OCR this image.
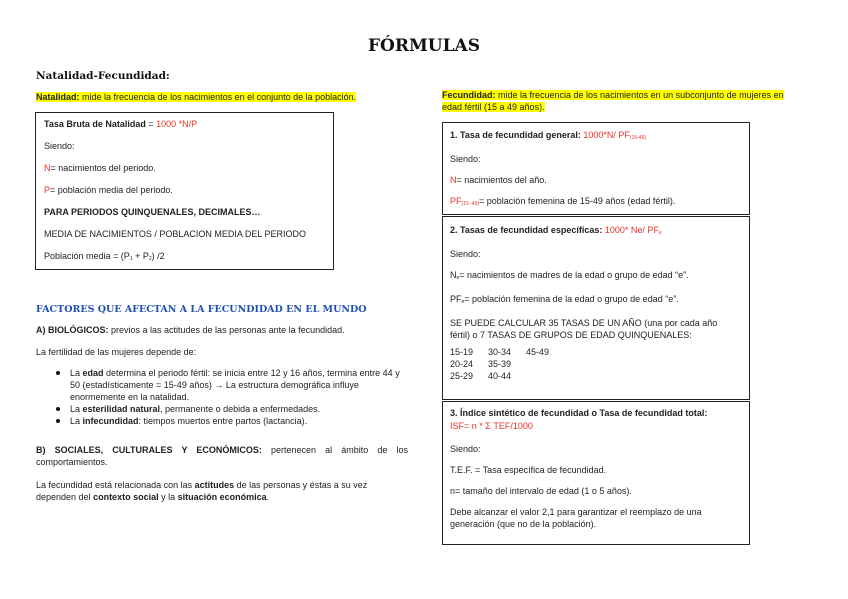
FÓRMULAS
Natalidad-Fecundidad:
Natalidad: mide la frecuencia de los nacimientos en el conjunto de la población.

Tasa Bruta de Natalidad = 1000 *N/P

Siendo:

N= nacimientos del periodo.

P= población media del periodo.

PARA PERIODOS QUINQUENALES, DECIMALES…

MEDIA DE NACIMIENTOS / POBLACION MEDIA DEL PERIODO

Población media = $(P_1 + P_2)$ /2

FACTORES QUE AFECTAN A LA FECUNDIDAD EN EL MUNDO
A) BIOLÓGICOS: previos a las actitudes de las personas ante la fecundidad.
La fertilidad de las mujeres depende de:
La edad determina el periodo fértil: se inicia entre 12 y 16 años, termina entre 44 y 50 (estadísticamente = 15-49 años) → La estructura demográfica influye enormemente en la natalidad.
La esterilidad natural, permanente o debida a enfermedades.
La infecundidad: tiempos muertos entre partos (lactancia).
B) SOCIALES, CULTURALES Y ECONÓMICOS: pertenecen al ámbito de los comportamientos.
La fecundidad está relacionada con las actitudes de las personas y éstas a su vez dependen del contexto social y la situación económica.
Fecundidad: mide la frecuencia de los nacimientos en un subconjunto de mujeres en edad fértil (15 a 49 años).

1. Tasa de fecundidad general: 1000*N/ $PF_{(15-49)}$

Siendo:

N= nacimientos del año.

$PF_{(15 -49)}=$ población femenina de 15-49 años (edad fértil).

2. Tasas de fecundidad específicas: 1000* Ne/ $PF_e$

Siendo:

$N_e=$ nacimientos de madres de la edad o grupo de edad “e”.

$PF_e=$ población femenina de la edad o grupo de edad “e”.

SE PUEDE CALCULAR 35 TASAS DE UN AÑO (una por cada año fértil) o 7 TASAS DE GRUPOS DE EDAD QUINQUENALES:

15-19	30-34	45-49
20-24	35-39
25-29	40-44

3. Índice sintético de fecundidad o Tasa de fecundidad total:

ISF= n * Σ TEF/1000

Siendo:

T.E.F. = Tasa específica de fecundidad.

n= tamaño del intervalo de edad (1 o 5 años).

Debe alcanzar el valor 2,1 para garantizar el reemplazo de una generación (que no de la población).
